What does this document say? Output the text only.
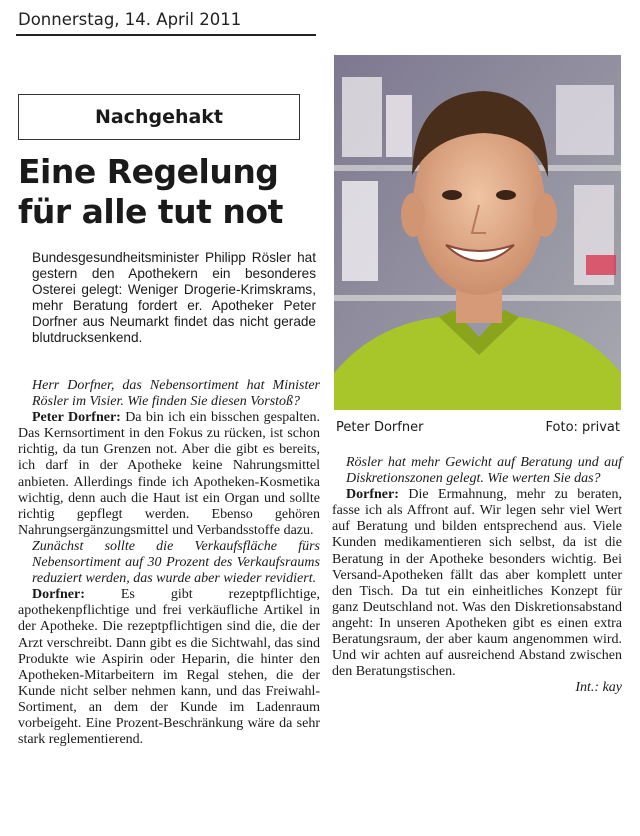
Donnerstag, 14. April 2011
Nachgehakt
Eine Regelung
für alle tut not
Bundesgesundheitsminister Philipp Rösler hat gestern den Apothekern ein besonderes Osterei gelegt: Weniger Drogerie-Krimskrams, mehr Beratung fordert er. Apotheker Peter Dorfner aus Neumarkt findet das nicht gerade blutdrucksenkend.
Peter Dorfner	Foto: privat

Herr Dorfner, das Nebensortiment hat Minister Rösler im Visier. Wie finden Sie diesen Vorstoß?

Peter Dorfner: Da bin ich ein bisschen gespalten. Das Kernsortiment in den Fokus zu rücken, ist schon richtig, da tun Grenzen not. Aber die gibt es bereits, ich darf in der Apotheke keine Nahrungsmittel anbieten. Allerdings finde ich Apotheken-Kosmetika wichtig, denn auch die Haut ist ein Organ und sollte richtig gepflegt werden. Ebenso gehören Nahrungsergänzungsmittel und Verbandsstoffe dazu.

Zunächst sollte die Verkaufsfläche fürs Nebensortiment auf 30 Prozent des Verkaufsraums reduziert werden, das wurde aber wieder revidiert.

Dorfner: Es gibt rezeptpflichtige, apothekenpflichtige und frei verkäufliche Artikel in der Apotheke. Die rezeptpflichtigen sind die, die der Arzt verschreibt. Dann gibt es die Sichtwahl, das sind Produkte wie Aspirin oder Heparin, die hinter den Apotheken-Mitarbeitern im Regal stehen, die der Kunde nicht selber nehmen kann, und das Freiwahl-Sortiment, an dem der Kunde im Ladenraum vorbeigeht. Eine Prozent-Beschränkung wäre da sehr stark reglementierend.

Rösler hat mehr Gewicht auf Beratung und auf Diskretionszonen gelegt. Wie werten Sie das?

Dorfner: Die Ermahnung, mehr zu beraten, fasse ich als Affront auf. Wir legen sehr viel Wert auf Beratung und bilden entsprechend aus. Viele Kunden medikamentieren sich selbst, da ist die Beratung in der Apotheke besonders wichtig. Bei Versand-Apotheken fällt das aber komplett unter den Tisch. Da tut ein einheitliches Konzept für ganz Deutschland not. Was den Diskretionsabstand angeht: In unseren Apotheken gibt es einen extra Beratungsraum, der aber kaum angenommen wird. Und wir achten auf ausreichend Abstand zwischen den Beratungstischen.

Int.: kay
